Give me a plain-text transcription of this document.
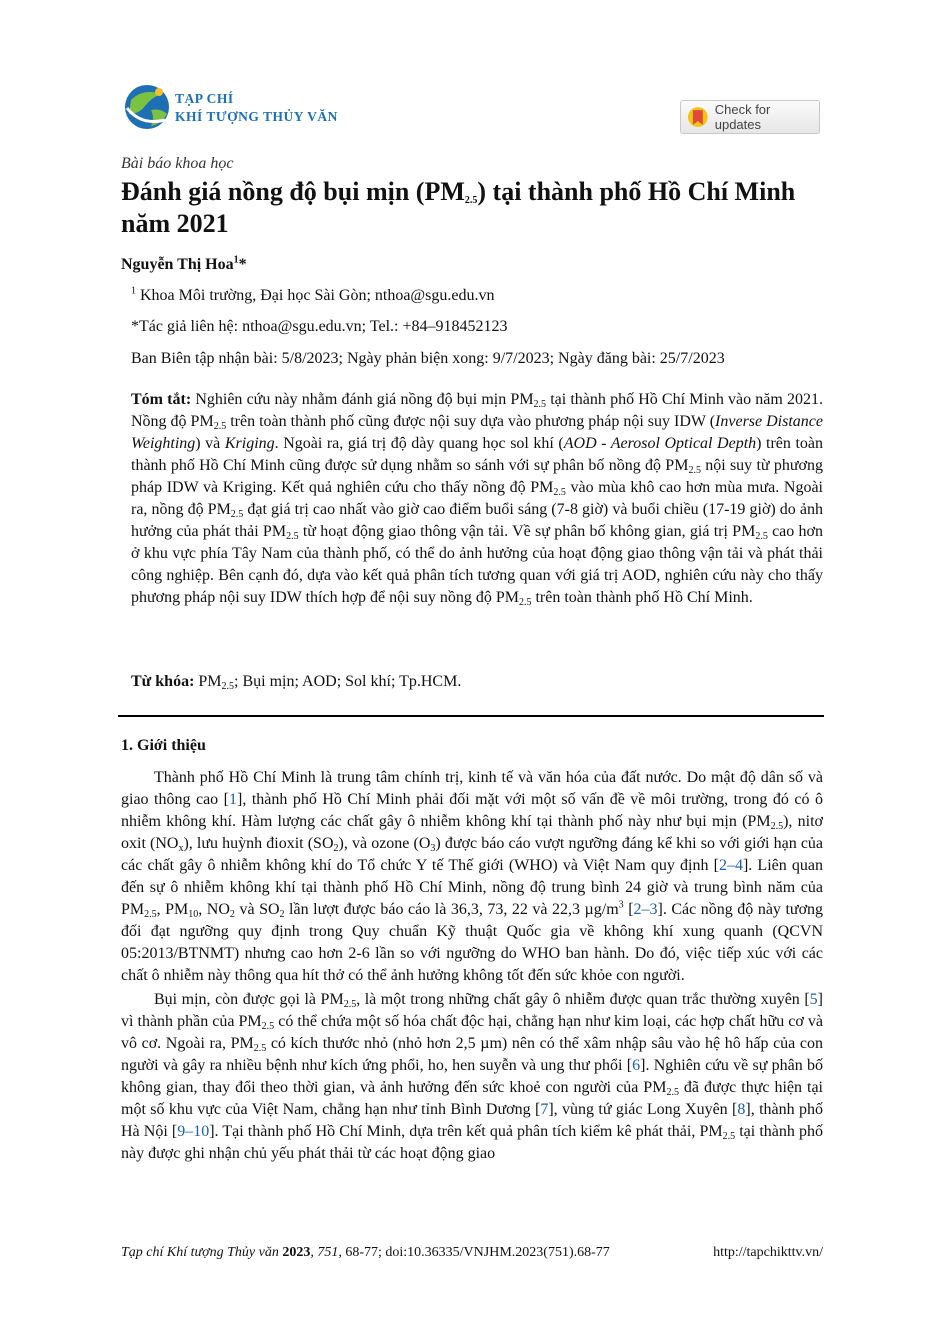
TẠP CHÍ
KHÍ TƯỢNG THỦY VĂN	Check for updates
Bài báo khoa học
Đánh giá nồng độ bụi mịn $(PM_{2.5})$ tại thành phố Hồ Chí Minh năm 2021
Nguyễn Thị Hoa$^1$*
$^1$ Khoa Môi trường, Đại học Sài Gòn; nthoa@sgu.edu.vn
*Tác giả liên hệ: nthoa@sgu.edu.vn; Tel.: +84–918452123
Ban Biên tập nhận bài: 5/8/2023; Ngày phản biện xong: 9/7/2023; Ngày đăng bài: 25/7/2023
Tóm tắt: Nghiên cứu này nhằm đánh giá nồng độ bụi mịn $PM_{2.5}$ tại thành phố Hồ Chí Minh vào năm 2021. Nồng độ $PM_{2.5}$ trên toàn thành phố cũng được nội suy dựa vào phương pháp nội suy IDW (Inverse Distance Weighting) và Kriging. Ngoài ra, giá trị độ dày quang học sol khí (AOD - Aerosol Optical Depth) trên toàn thành phố Hồ Chí Minh cũng được sử dụng nhằm so sánh với sự phân bố nồng độ $PM_{2.5}$ nội suy từ phương pháp IDW và Kriging. Kết quả nghiên cứu cho thấy nồng độ $PM_{2.5}$ vào mùa khô cao hơn mùa mưa. Ngoài ra, nồng độ $PM_{2.5}$ đạt giá trị cao nhất vào giờ cao điểm buổi sáng (7-8 giờ) và buổi chiều (17-19 giờ) do ảnh hưởng của phát thải $PM_{2.5}$ từ hoạt động giao thông vận tải. Về sự phân bố không gian, giá trị $PM_{2.5}$ cao hơn ở khu vực phía Tây Nam của thành phố, có thể do ảnh hưởng của hoạt động giao thông vận tải và phát thải công nghiệp. Bên cạnh đó, dựa vào kết quả phân tích tương quan với giá trị AOD, nghiên cứu này cho thấy phương pháp nội suy IDW thích hợp để nội suy nồng độ $PM_{2.5}$ trên toàn thành phố Hồ Chí Minh.
Từ khóa: $PM_{2.5}$; Bụi mịn; AOD; Sol khí; Tp.HCM.
1. Giới thiệu

Thành phố Hồ Chí Minh là trung tâm chính trị, kinh tế và văn hóa của đất nước. Do mật độ dân số và giao thông cao [1], thành phố Hồ Chí Minh phải đối mặt với một số vấn đề về môi trường, trong đó có ô nhiễm không khí. Hàm lượng các chất gây ô nhiễm không khí tại thành phố này như bụi mịn $(PM_{2.5})$, nitơ oxit $(NO_x)$, lưu huỳnh đioxit $(SO_2)$, và ozone $(O_3)$ được báo cáo vượt ngưỡng đáng kể khi so với giới hạn của các chất gây ô nhiễm không khí do Tổ chức Y tế Thế giới (WHO) và Việt Nam quy định [2–4]. Liên quan đến sự ô nhiễm không khí tại thành phố Hồ Chí Minh, nồng độ trung bình 24 giờ và trung bình năm của $PM_{2.5}$, $PM_{10}$, $NO_2$ và $SO_2$ lần lượt được báo cáo là 36,3, 73, 22 và 22,3 $\mu g/m^3$ [2–3]. Các nồng độ này tương đối đạt ngưỡng quy định trong Quy chuẩn Kỹ thuật Quốc gia về không khí xung quanh (QCVN 05:2013/BTNMT) nhưng cao hơn 2-6 lần so với ngưỡng do WHO ban hành. Do đó, việc tiếp xúc với các chất ô nhiễm này thông qua hít thở có thể ảnh hưởng không tốt đến sức khỏe con người.

Bụi mịn, còn được gọi là $PM_{2.5}$, là một trong những chất gây ô nhiễm được quan trắc thường xuyên [5] vì thành phần của $PM_{2.5}$ có thể chứa một số hóa chất độc hại, chẳng hạn như kim loại, các hợp chất hữu cơ và vô cơ. Ngoài ra, $PM_{2.5}$ có kích thước nhỏ (nhỏ hơn 2,5 µm) nên có thể xâm nhập sâu vào hệ hô hấp của con người và gây ra nhiều bệnh như kích ứng phổi, ho, hen suyễn và ung thư phổi [6]. Nghiên cứu về sự phân bố không gian, thay đổi theo thời gian, và ảnh hưởng đến sức khoẻ con người của $PM_{2.5}$ đã được thực hiện tại một số khu vực của Việt Nam, chẳng hạn như tỉnh Bình Dương [7], vùng tứ giác Long Xuyên [8], thành phố Hà Nội [9–10]. Tại thành phố Hồ Chí Minh, dựa trên kết quả phân tích kiểm kê phát thải, $PM_{2.5}$ tại thành phố này được ghi nhận chủ yếu phát thải từ các hoạt động giao

Tạp chí Khí tượng Thủy văn 2023, 751, 68-77; doi:10.36335/VNJHM.2023(751).68-77	http://tapchikttv.vn/
